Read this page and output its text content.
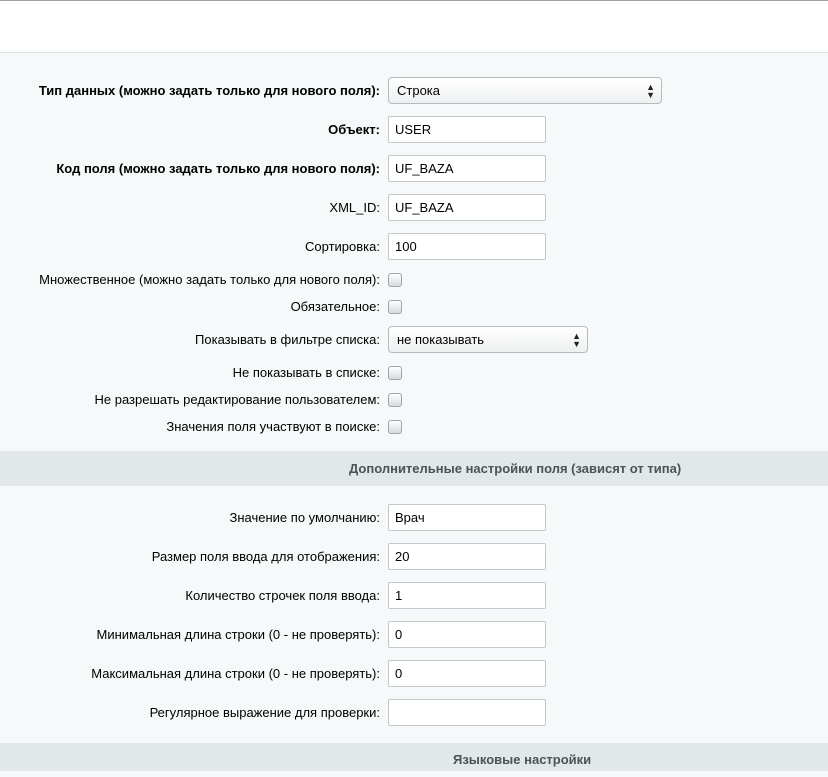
Тип данных (можно задать только для нового поля):	Строка	▲
▼
Объект:
USER
Код поля (можно задать только для нового поля):
UF_BAZA
XML_ID:
UF_BAZA
Сортировка:
100
Множественное (можно задать только для нового поля):
Обязательное:
Показывать в фильтре списка:	не показывать	▲
▼
Не показывать в списке:
Не разрешать редактирование пользователем:
Значения поля участвуют в поиске:
Дополнительные настройки поля (зависят от типа)
Значение по умолчанию:
Врач
Размер поля ввода для отображения:
20
Количество строчек поля ввода:
1
Минимальная длина строки (0 - не проверять):
0
Максимальная длина строки (0 - не проверять):
0
Регулярное выражение для проверки:
Языковые настройки
